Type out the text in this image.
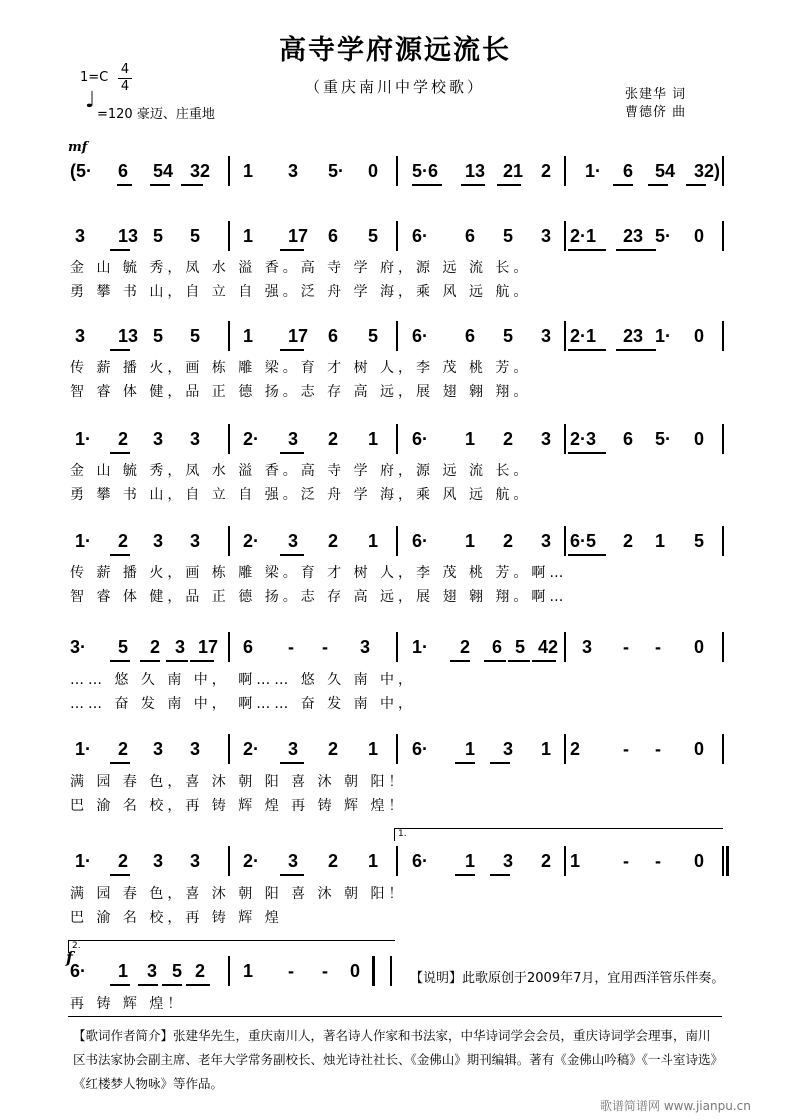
高寺学府源远流长
（重庆南川中学校歌）	张建华 词
曹德侪 曲
1=C
4
4
♩
=120 豪迈、庄重地
mf
f
1.
2.
(5· 6 54 32 1 3 5· 0 5·6 13 21 2 1· 6 54 32)
3 13 5 5 1 17 6 5 6· 6 5 3 2·1 23 5· 0
金 山 毓 秀，凤 水 溢 香。高 寺 学 府，源 远 流 长。
勇 攀 书 山，自 立 自 强。泛 舟 学 海，乘 风 远 航。
3 13 5 5 1 17 6 5 6· 6 5 3 2·1 23 1· 0
传 薪 播 火，画 栋 雕 梁。育 才 树 人，李 茂 桃 芳。
智 睿 体 健，品 正 德 扬。志 存 高 远，展 翅 翱 翔。
1· 2 3 3 2· 3 2 1 6· 1 2 3 2·3 6 5· 0
金 山 毓 秀，凤 水 溢 香。高 寺 学 府，源 远 流 长。
勇 攀 书 山，自 立 自 强。泛 舟 学 海，乘 风 远 航。
1· 2 3 3 2· 3 2 1 6· 1 2 3 6·5 2 1 5
传 薪 播 火，画 栋 雕 梁。育 才 树 人，李 茂 桃 芳。啊…
智 睿 体 健，品 正 德 扬。志 存 高 远，展 翅 翱 翔。啊…
3· 5 2 3 17 6 - - 3 1· 2 6 5 42 3 - - 0
…… 悠 久 南 中， 啊…… 悠 久 南 中，
…… 奋 发 南 中， 啊…… 奋 发 南 中，
1· 2 3 3 2· 3 2 1 6· 1 3 1 2 - - 0
满 园 春 色，喜 沐 朝 阳 喜 沐 朝 阳！
巴 渝 名 校，再 铸 辉 煌 再 铸 辉 煌！
1· 2 3 3 2· 3 2 1 6· 1 3 2 1 - - 0
满 园 春 色，喜 沐 朝 阳 喜 沐 朝 阳！
巴 渝 名 校，再 铸 辉 煌
6· 1 3 5 2 1 - - 0
再 铸 辉 煌！
【说明】此歌原创于2009年7月，宜用西洋管乐伴奏。
【歌词作者简介】张建华先生，重庆南川人，著名诗人作家和书法家，中华诗词学会会员，重庆诗词学会理事，南川区书法家协会副主席、老年大学常务副校长、烛光诗社社长、《金佛山》期刊编辑。著有《金佛山吟稿》《一斗室诗选》《红楼梦人物咏》等作品。
歌谱简谱网 www.jianpu.cn
